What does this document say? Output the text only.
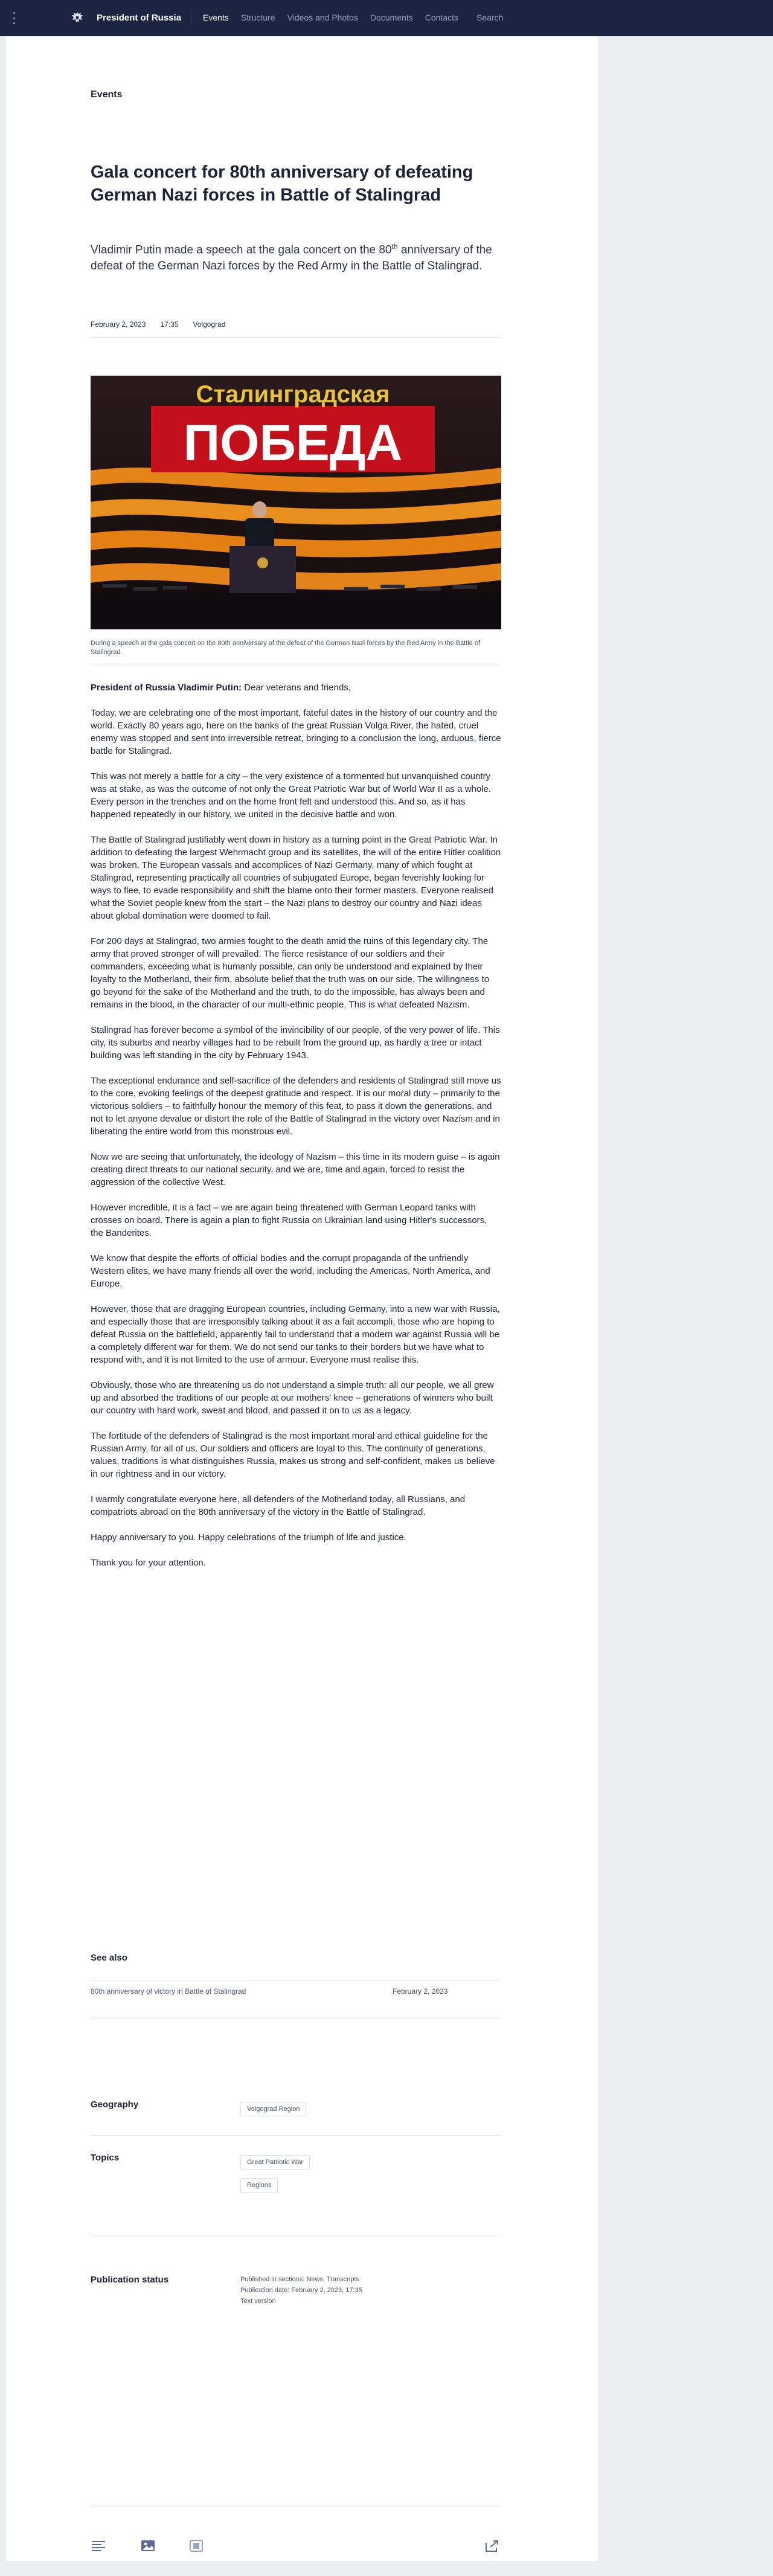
President of Russia	Events Structure Videos and Photos Documents Contacts Search
Events
Gala concert for 80th anniversary of defeating German Nazi forces in Battle of Stalingrad
Vladimir Putin made a speech at the gala concert on the 80th anniversary of the defeat of the German Nazi forces by the Red Army in the Battle of Stalingrad.
February 2, 2023 17:35 Volgograd
Сталинградская
ПОБЕДА
During a speech at the gala concert on the 80th anniversary of the defeat of the German Nazi forces by the Red Army in the Battle of Stalingrad.

President of Russia Vladimir Putin: Dear veterans and friends,

Today, we are celebrating one of the most important, fateful dates in the history of our country and the world. Exactly 80 years ago, here on the banks of the great Russian Volga River, the hated, cruel enemy was stopped and sent into irreversible retreat, bringing to a conclusion the long, arduous, fierce battle for Stalingrad.

This was not merely a battle for a city – the very existence of a tormented but unvanquished country was at stake, as was the outcome of not only the Great Patriotic War but of World War II as a whole. Every person in the trenches and on the home front felt and understood this. And so, as it has happened repeatedly in our history, we united in the decisive battle and won.

The Battle of Stalingrad justifiably went down in history as a turning point in the Great Patriotic War. In addition to defeating the largest Wehrmacht group and its satellites, the will of the entire Hitler coalition was broken. The European vassals and accomplices of Nazi Germany, many of which fought at Stalingrad, representing practically all countries of subjugated Europe, began feverishly looking for ways to flee, to evade responsibility and shift the blame onto their former masters. Everyone realised what the Soviet people knew from the start – the Nazi plans to destroy our country and Nazi ideas about global domination were doomed to fail.

For 200 days at Stalingrad, two armies fought to the death amid the ruins of this legendary city. The army that proved stronger of will prevailed. The fierce resistance of our soldiers and their commanders, exceeding what is humanly possible, can only be understood and explained by their loyalty to the Motherland, their firm, absolute belief that the truth was on our side. The willingness to go beyond for the sake of the Motherland and the truth, to do the impossible, has always been and remains in the blood, in the character of our multi-ethnic people. This is what defeated Nazism.

Stalingrad has forever become a symbol of the invincibility of our people, of the very power of life. This city, its suburbs and nearby villages had to be rebuilt from the ground up, as hardly a tree or intact building was left standing in the city by February 1943.

The exceptional endurance and self-sacrifice of the defenders and residents of Stalingrad still move us to the core, evoking feelings of the deepest gratitude and respect. It is our moral duty – primarily to the victorious soldiers – to faithfully honour the memory of this feat, to pass it down the generations, and not to let anyone devalue or distort the role of the Battle of Stalingrad in the victory over Nazism and in liberating the entire world from this monstrous evil.

Now we are seeing that unfortunately, the ideology of Nazism – this time in its modern guise – is again creating direct threats to our national security, and we are, time and again, forced to resist the aggression of the collective West.

However incredible, it is a fact – we are again being threatened with German Leopard tanks with crosses on board. There is again a plan to fight Russia on Ukrainian land using Hitler's successors, the Banderites.

We know that despite the efforts of official bodies and the corrupt propaganda of the unfriendly Western elites, we have many friends all over the world, including the Americas, North America, and Europe.

However, those that are dragging European countries, including Germany, into a new war with Russia, and especially those that are irresponsibly talking about it as a fait accompli, those who are hoping to defeat Russia on the battlefield, apparently fail to understand that a modern war against Russia will be a completely different war for them. We do not send our tanks to their borders but we have what to respond with, and it is not limited to the use of armour. Everyone must realise this.

Obviously, those who are threatening us do not understand a simple truth: all our people, we all grew up and absorbed the traditions of our people at our mothers' knee – generations of winners who built our country with hard work, sweat and blood, and passed it on to us as a legacy.

The fortitude of the defenders of Stalingrad is the most important moral and ethical guideline for the Russian Army, for all of us. Our soldiers and officers are loyal to this. The continuity of generations, values, traditions is what distinguishes Russia, makes us strong and self-confident, makes us believe in our rightness and in our victory.

I warmly congratulate everyone here, all defenders of the Motherland today, all Russians, and compatriots abroad on the 80th anniversary of the victory in the Battle of Stalingrad.

Happy anniversary to you. Happy celebrations of the triumph of life and justice.

Thank you for your attention.

See also
80th anniversary of victory in Battle of Stalingrad	February 2, 2023
Geography	Volgograd Region
Topics	Great Patriotic War
Regions
Publication status	Published in sections: News, Transcripts
Publication date: February 2, 2023, 17:35
Text version
